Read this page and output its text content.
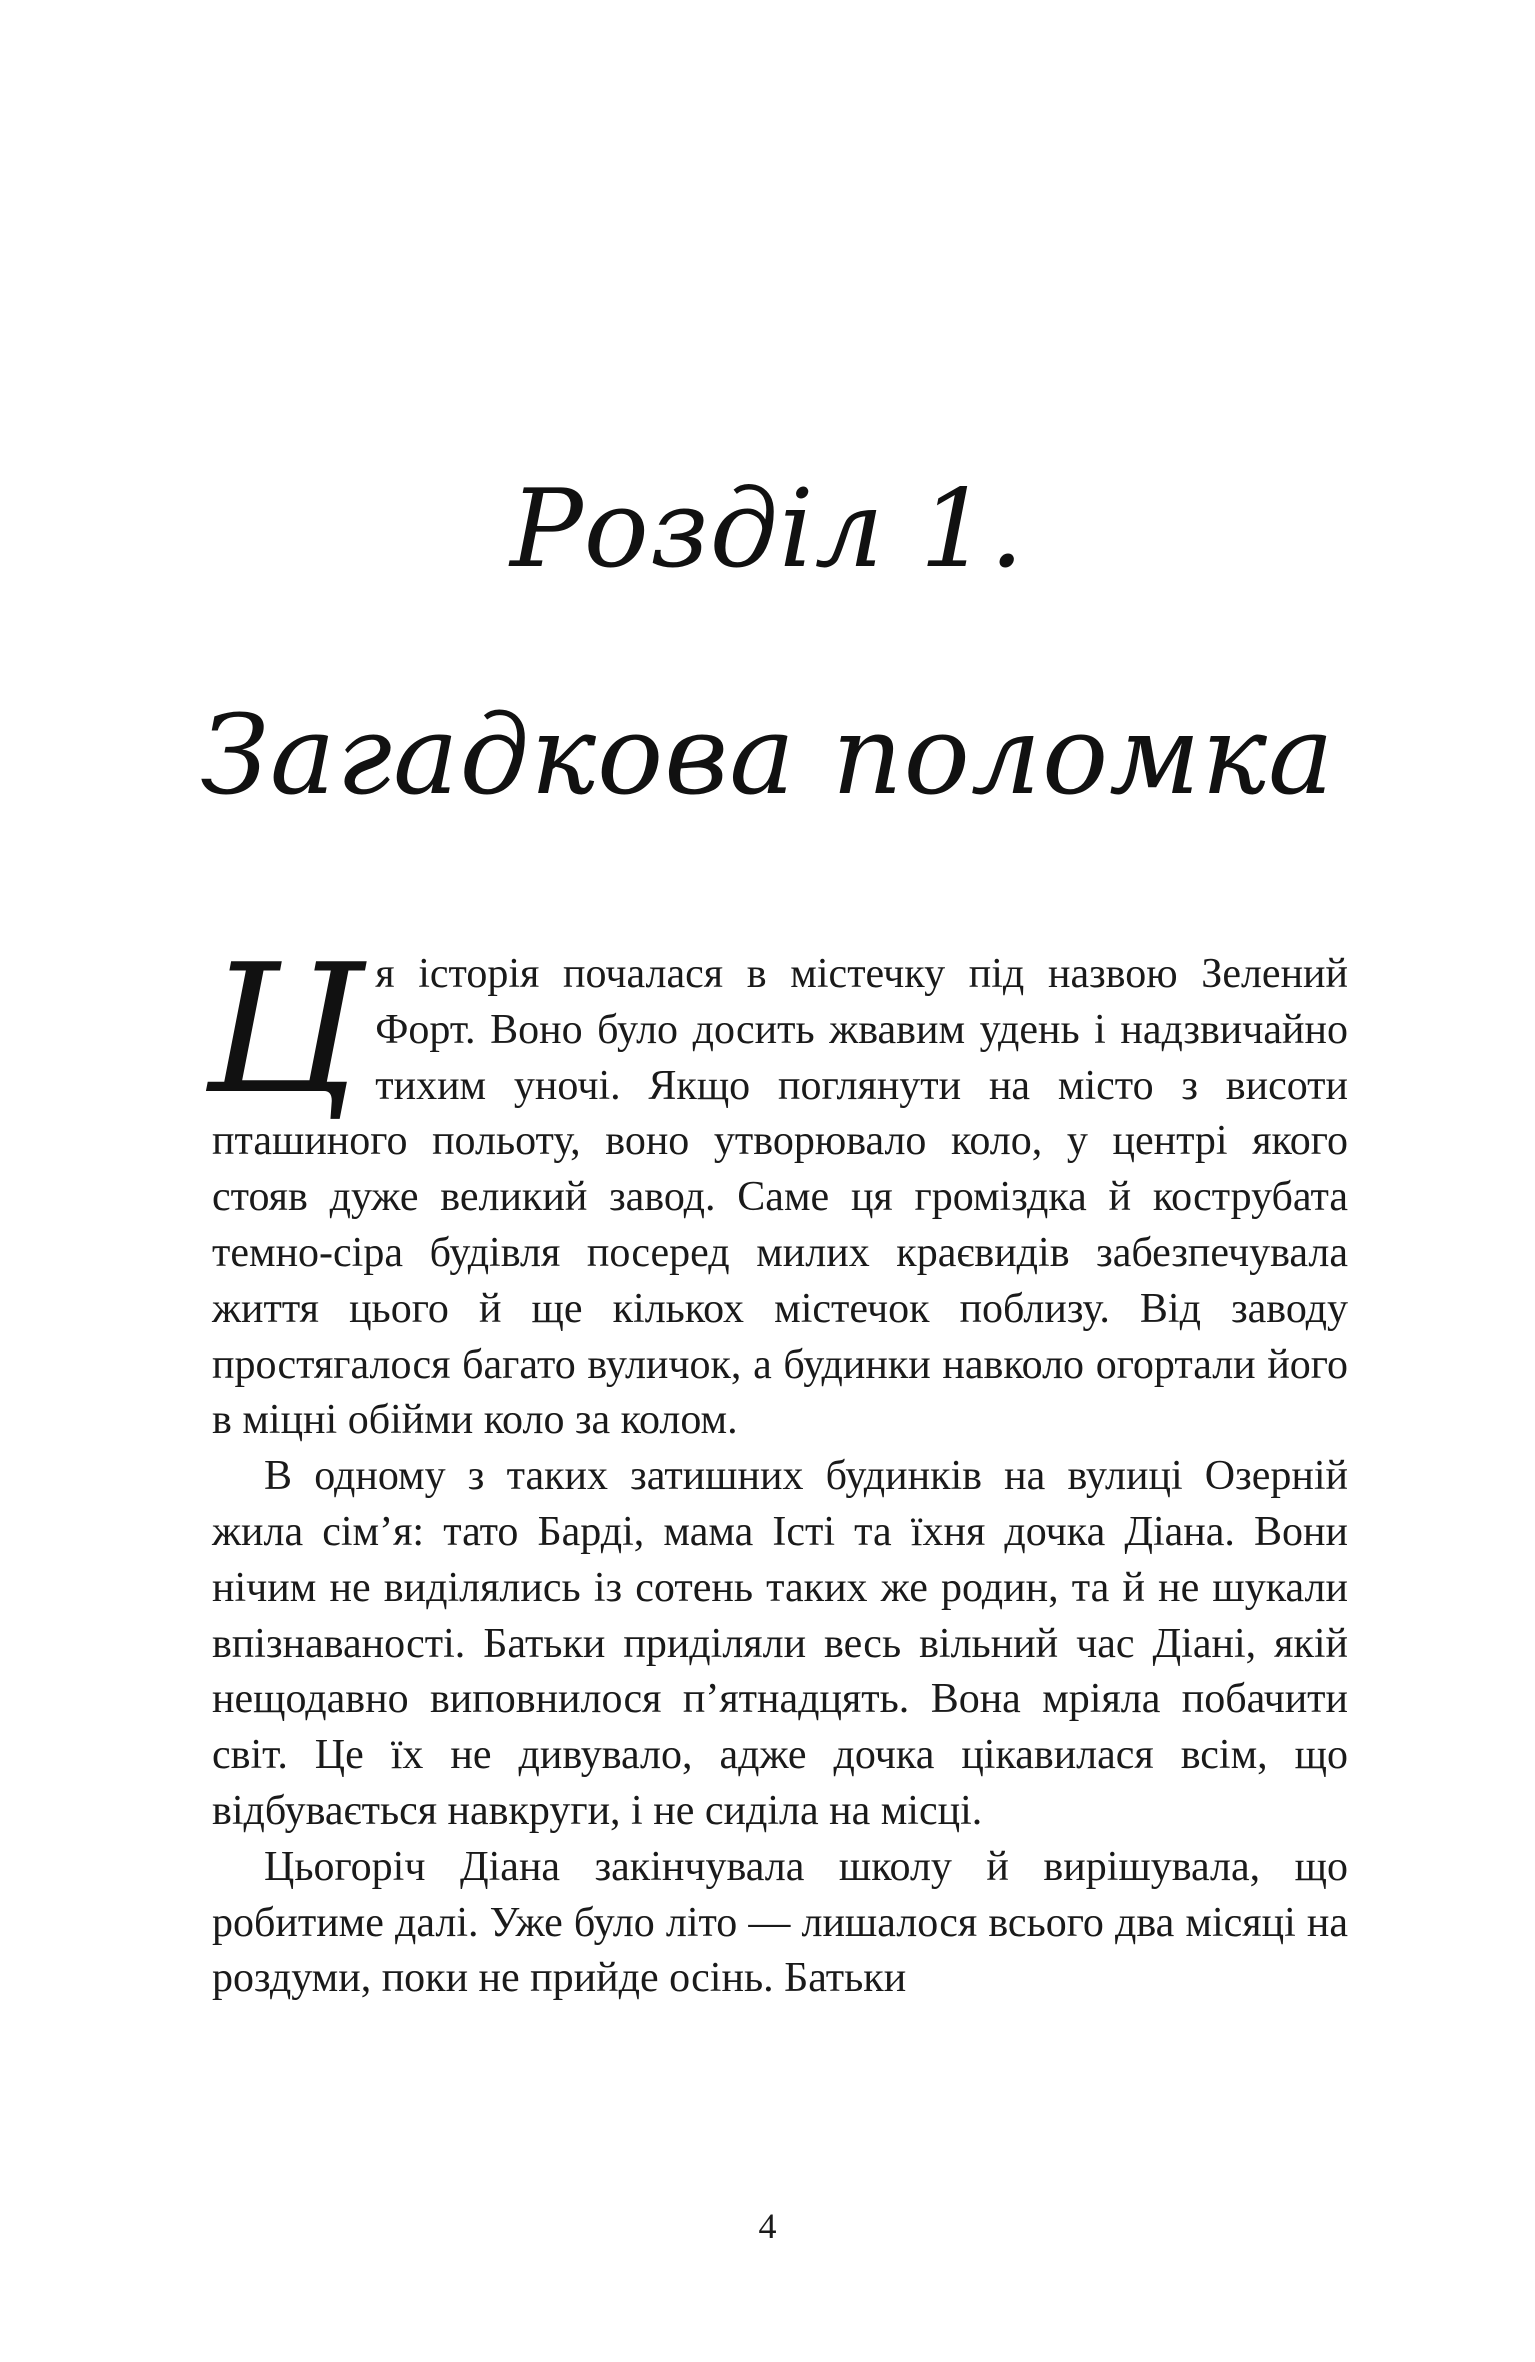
Розділ 1.
Загадкова поломка

Ця історія почалася в містечку під назвою Зелений Форт. Воно було досить жвавим удень і надзвичайно тихим уночі. Якщо поглянути на місто з висоти пташиного польоту, воно утворювало коло, у центрі якого стояв дуже великий завод. Саме ця громіздка й кострубата темно-сіра будівля посеред милих краєвидів забезпечувала життя цього й ще кількох містечок поблизу. Від заводу простягалося багато вуличок, а будинки навколо огортали його в міцні обійми коло за колом.

В одному з таких затишних будинків на вулиці Озерній жила сім’я: тато Барді, мама Істі та їхня дочка Діана. Вони нічим не виділялись із сотень таких же родин, та й не шукали впізнаваності. Батьки приділяли весь вільний час Діані, якій нещодавно виповнилося п’ятнадцять. Вона мріяла побачити світ. Це їх не дивувало, адже дочка цікавилася всім, що відбувається навкруги, і не сиділа на місці.

Цьогоріч Діана закінчувала школу й вирішувала, що робитиме далі. Уже було літо — лишалося всього два місяці на роздуми, поки не прийде осінь. Батьки

4
